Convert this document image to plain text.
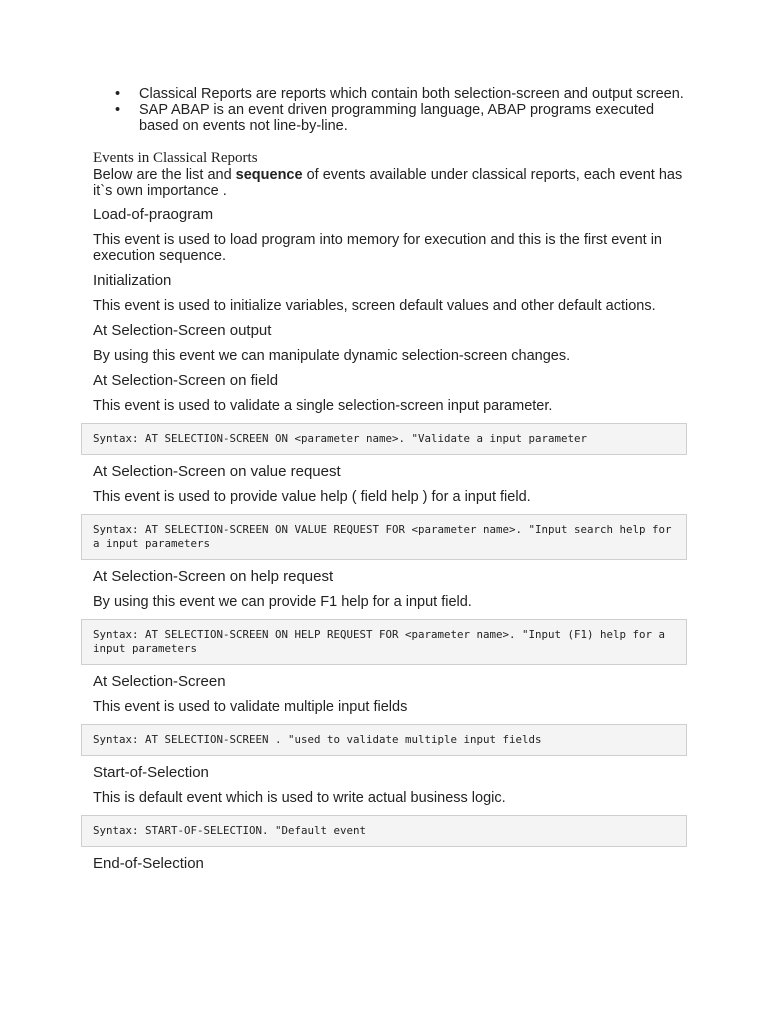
• Classical Reports are reports which contain both selection-screen and output screen.
• SAP ABAP is an event driven programming language, ABAP programs executed based on events not line-by-line.
Events in Classical Reports
Below are the list and sequence of events available under classical reports, each event has it`s own importance .
Load-of-praogram
This event is used to load program into memory for execution and this is the first event in execution sequence.
Initialization
This event is used to initialize variables, screen default values and other default actions.
At Selection-Screen output
By using this event we can manipulate dynamic selection-screen changes.
At Selection-Screen on field
This event is used to validate a single selection-screen input parameter.
Syntax: AT SELECTION-SCREEN ON <parameter name>. "Validate a input parameter
At Selection-Screen on value request
This event is used to provide value help ( field help ) for a input field.
Syntax: AT SELECTION-SCREEN ON VALUE REQUEST FOR <parameter name>. "Input search help for a input parameters
At Selection-Screen on help request
By using this event we can provide F1 help for a input field.
Syntax: AT SELECTION-SCREEN ON HELP REQUEST FOR <parameter name>. "Input (F1) help for a input parameters
At Selection-Screen
This event is used to validate multiple input fields
Syntax: AT SELECTION-SCREEN . "used to validate multiple input fields
Start-of-Selection
This is default event which is used to write actual business logic.
Syntax: START-OF-SELECTION. "Default event
End-of-Selection
